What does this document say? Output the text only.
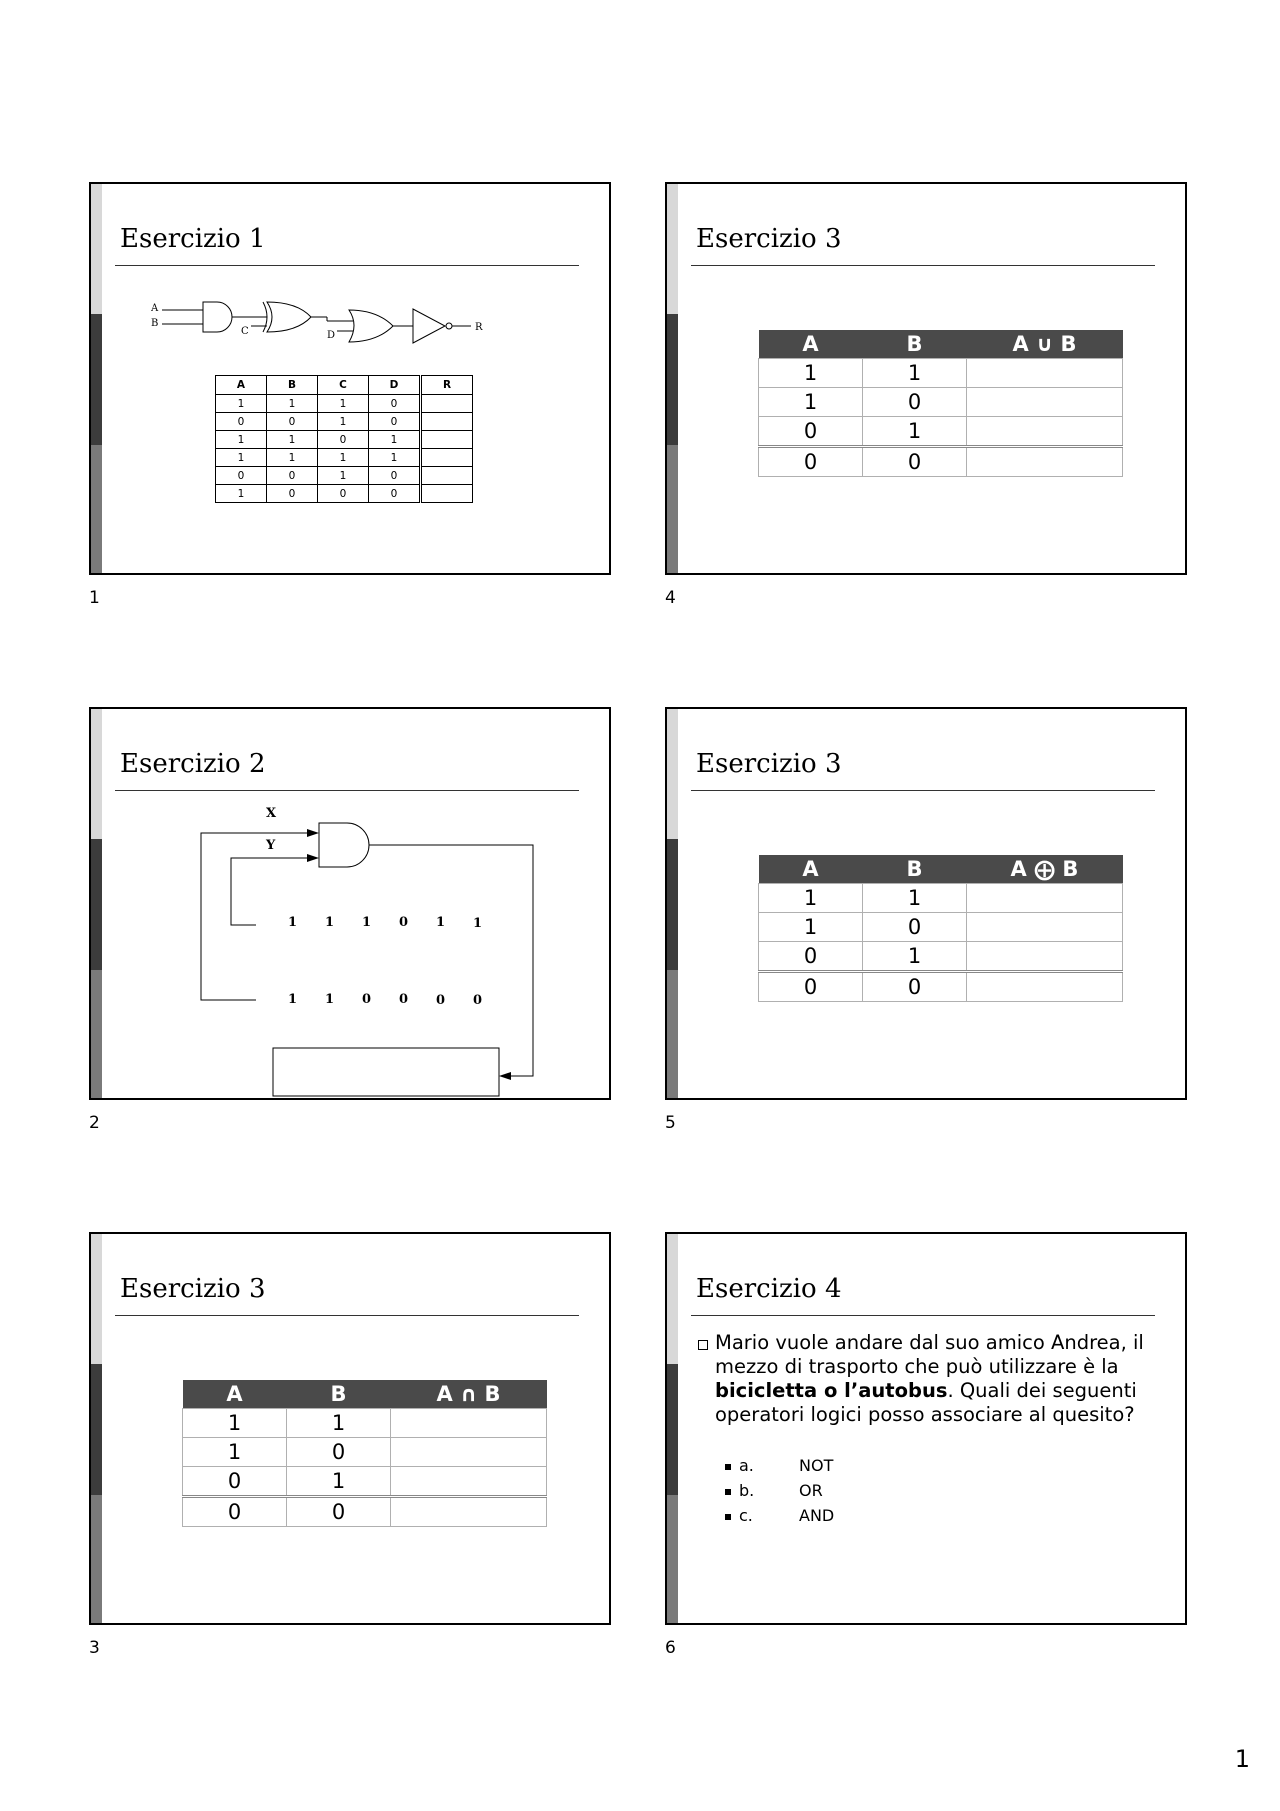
Esercizio 1
A
B
C	D
R
A	B	C	D	R
1	1	1	0	
0	0	1	0	
1	1	0	1	
1	1	1	1	
0	0	1	0	
1	0	0	0	
1
Esercizio 3
A	B	A ∪ B
1	1	
1	0	
0	1	
0	0	
4
Esercizio 2
X
Y
1 1 1 0 1 1
1 1 0 0 0 0
2
Esercizio 3
A	B	A ⨁ B
1	1	
1	0	
0	1	
0	0	
5
Esercizio 3
A	B	A ∩ B
1	1	
1	0	
0	1	
0	0	
3
Esercizio 4
Mario vuole andare dal suo amico Andrea, il mezzo di trasporto che può utilizzare è la bicicletta o l’autobus. Quali dei seguenti operatori logici posso associare al quesito?
a.	NOT
b.	OR
c.	AND
6
1
